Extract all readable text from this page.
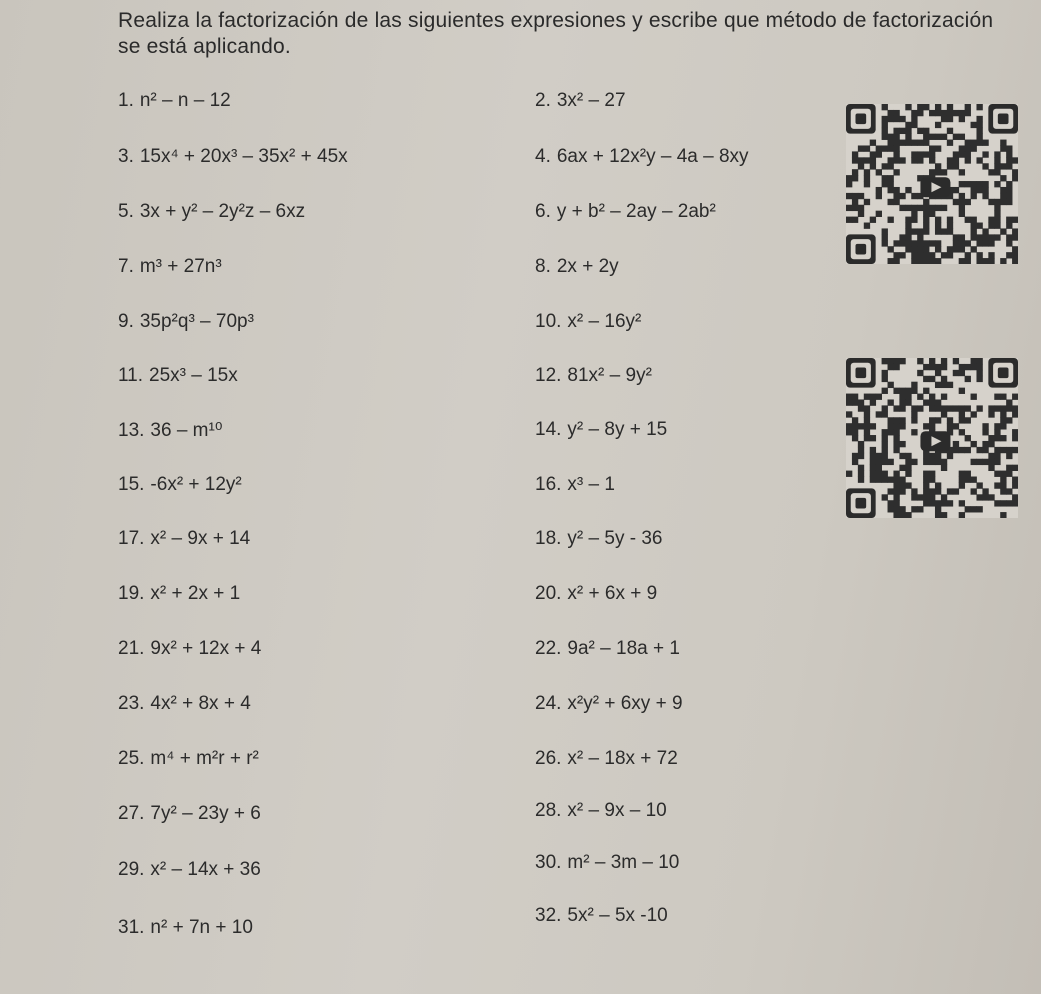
Realiza la factorización de las siguientes expresiones y escribe que método de factorización se está aplicando.
1. n² – n – 12
3. 15x⁴ + 20x³ – 35x² + 45x
5. 3x + y² – 2y²z – 6xz
7. m³ + 27n³
9. 35p²q³ – 70p³
11. 25x³ – 15x
13. 36 – m¹⁰
15. -6x² + 12y²
17. x² – 9x + 14
19. x² + 2x + 1
21. 9x² + 12x + 4
23. 4x² + 8x + 4
25. m⁴ + m²r + r²
27. 7y² – 23y + 6
29. x² – 14x + 36
31. n² + 7n + 10
2. 3x² – 27
4. 6ax + 12x²y – 4a – 8xy
6. y + b² – 2ay – 2ab²
8. 2x + 2y
10. x² – 16y²
12. 81x² – 9y²
14. y² – 8y + 15
16. x³ – 1
18. y² – 5y - 36
20. x² + 6x + 9
22. 9a² – 18a + 1
24. x²y² + 6xy + 9
26. x² – 18x + 72
28. x² – 9x – 10
30. m² – 3m – 10
32. 5x² – 5x -10
